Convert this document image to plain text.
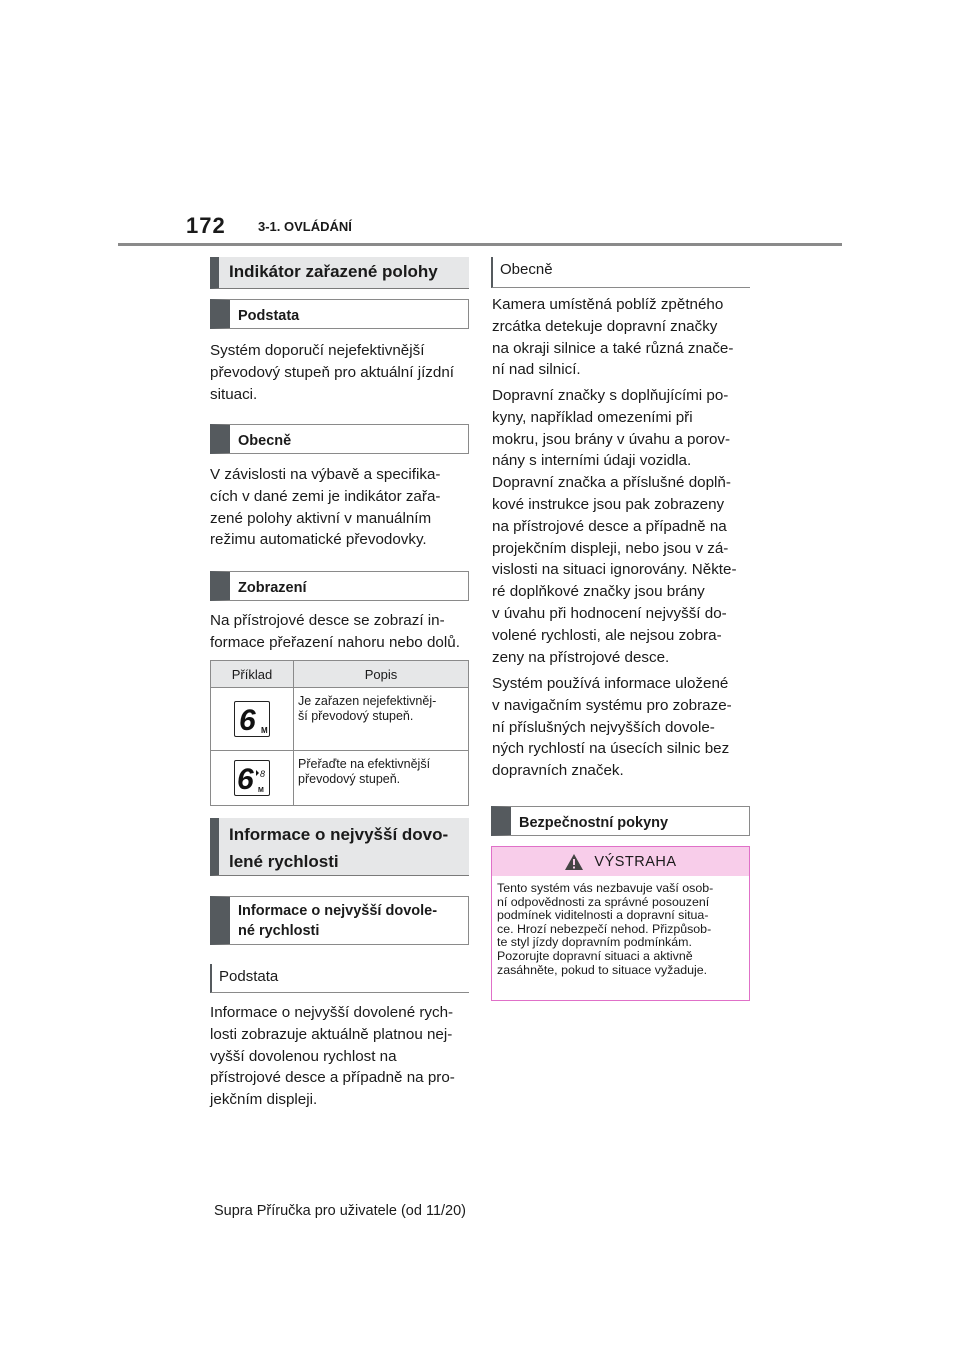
172 3-1. OVLÁDÁNÍ
Indikátor zařazené polohy
Podstata

Systém doporučí nejefektivnější
převodový stupeň pro aktuální jízdní
situaci.

Obecně

V závislosti na výbavě a specifika-
cích v dané zemi je indikátor zařa-
zené polohy aktivní v manuálním
režimu automatické převodovky.

Zobrazení

Na přístrojové desce se zobrazí in-
formace přeřazení nahoru nebo dolů.

Příklad	Popis

6 M	Je zařazen nejefektivněj-
ší převodový stupeň.

6 8
M	Přeřaďte na efektivnější
převodový stupeň.
Informace o nejvyšší dovo-
lené rychlosti
Informace o nejvyšší dovole-
né rychlosti
Podstata

Informace o nejvyšší dovolené rych-
losti zobrazuje aktuálně platnou nej-
vyšší dovolenou rychlost na
přístrojové desce a případně na pro-
jekčním displeji.

Obecně

Kamera umístěná poblíž zpětného
zrcátka detekuje dopravní značky
na okraji silnice a také různá znače-
ní nad silnicí.

Dopravní značky s doplňujícími po-
kyny, například omezeními při
mokru, jsou brány v úvahu a porov-
nány s interními údaji vozidla.
Dopravní značka a příslušné doplň-
kové instrukce jsou pak zobrazeny
na přístrojové desce a případně na
projekčním displeji, nebo jsou v zá-
vislosti na situaci ignorovány. Někte-
ré doplňkové značky jsou brány
v úvahu při hodnocení nejvyšší do-
volené rychlosti, ale nejsou zobra-
zeny na přístrojové desce.

Systém používá informace uložené
v navigačním systému pro zobraze-
ní příslušných nejvyšších dovole-
ných rychlostí na úsecích silnic bez
dopravních značek.

Bezpečnostní pokyny
VÝSTRAHA
Tento systém vás nezbavuje vaší osob-
ní odpovědnosti za správné posouzení
podmínek viditelnosti a dopravní situa-
ce. Hrozí nebezpečí nehod. Přizpůsob-
te styl jízdy dopravním podmínkám.
Pozorujte dopravní situaci a aktivně
zasáhněte, pokud to situace vyžaduje.
Supra Příručka pro uživatele (od 11/20)
